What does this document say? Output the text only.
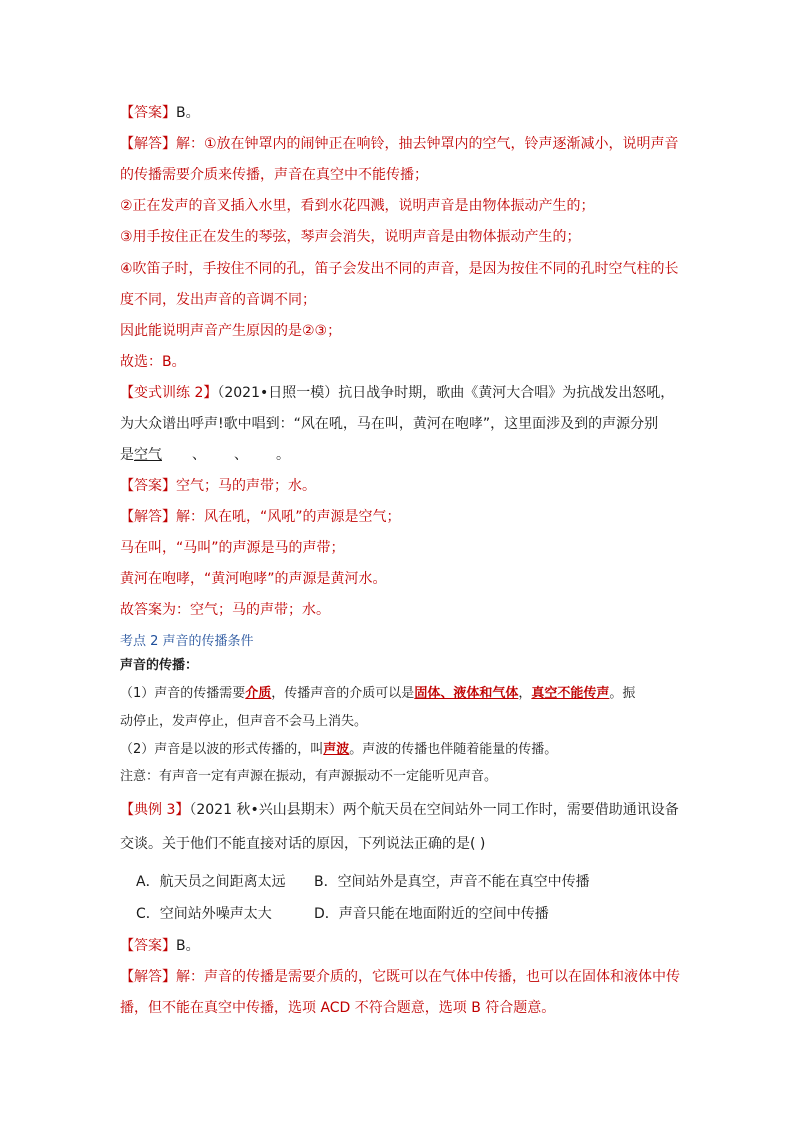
【答案】B。
【解答】解：①放在钟罩内的闹钟正在响铃，抽去钟罩内的空气，铃声逐渐减小，说明声音
的传播需要介质来传播，声音在真空中不能传播；
②正在发声的音叉插入水里，看到水花四溅，说明声音是由物体振动产生的；
③用手按住正在发生的琴弦，琴声会消失，说明声音是由物体振动产生的；
④吹笛子时，手按住不同的孔，笛子会发出不同的声音，是因为按住不同的孔时空气柱的长
度不同，发出声音的音调不同；
因此能说明声音产生原因的是②③；
故选：B。
【变式训练 2】（2021•日照一模）抗日战争时期，歌曲《黄河大合唱》为抗战发出怒吼，
为大众谱出呼声!歌中唱到：“风在吼，马在叫，黄河在咆哮”，这里面涉及到的声源分别
是空气、 、 。
【答案】空气；马的声带；水。
【解答】解：风在吼，“风吼”的声源是空气；
马在叫，“马叫”的声源是马的声带；
黄河在咆哮，“黄河咆哮”的声源是黄河水。
故答案为：空气；马的声带；水。
考点 2 声音的传播条件
声音的传播：
（1）声音的传播需要介质，传播声音的介质可以是固体、液体和气体，真空不能传声。振
动停止，发声停止，但声音不会马上消失。
（2）声音是以波的形式传播的，叫声波。声波的传播也伴随着能量的传播。
注意：有声音一定有声源在振动，有声源振动不一定能听见声音。
【典例 3】（2021 秋•兴山县期末）两个航天员在空间站外一同工作时，需要借助通讯设备
交谈。关于他们不能直接对话的原因，下列说法正确的是( )
A．航天员之间距离太远 B．空间站外是真空，声音不能在真空中传播
C．空间站外噪声太大	D．声音只能在地面附近的空间中传播
【答案】B。
【解答】解：声音的传播是需要介质的，它既可以在气体中传播，也可以在固体和液体中传
播，但不能在真空中传播，选项 ACD 不符合题意，选项 B 符合题意。
